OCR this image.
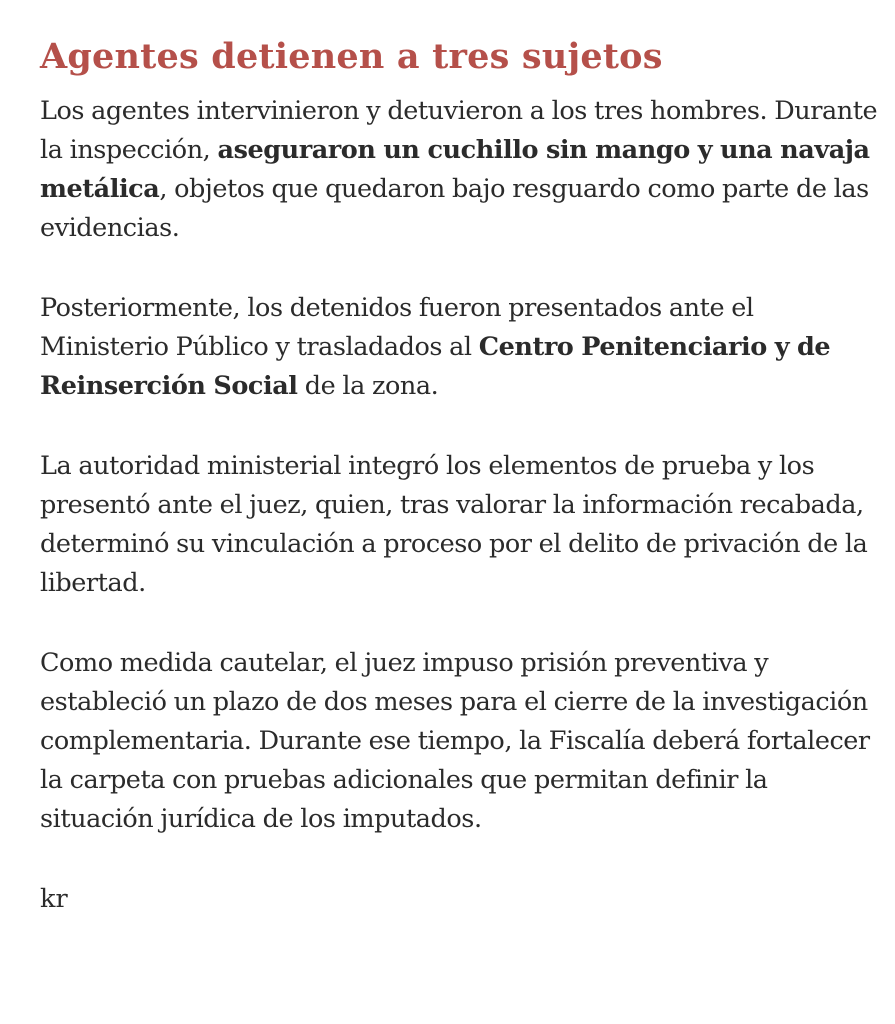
Agentes detienen a tres sujetos

Los agentes intervinieron y detuvieron a los tres hombres. Durante la inspección, aseguraron un cuchillo sin mango y una navaja metálica, objetos que quedaron bajo resguardo como parte de las evidencias.

Posteriormente, los detenidos fueron presentados ante el Ministerio Público y trasladados al Centro Penitenciario y de Reinserción Social de la zona.

La autoridad ministerial integró los elementos de prueba y los presentó ante el juez, quien, tras valorar la información recabada, determinó su vinculación a proceso por el delito de privación de la libertad.

Como medida cautelar, el juez impuso prisión preventiva y estableció un plazo de dos meses para el cierre de la investigación complementaria. Durante ese tiempo, la Fiscalía deberá fortalecer la carpeta con pruebas adicionales que permitan definir la situación jurídica de los imputados.

kr
